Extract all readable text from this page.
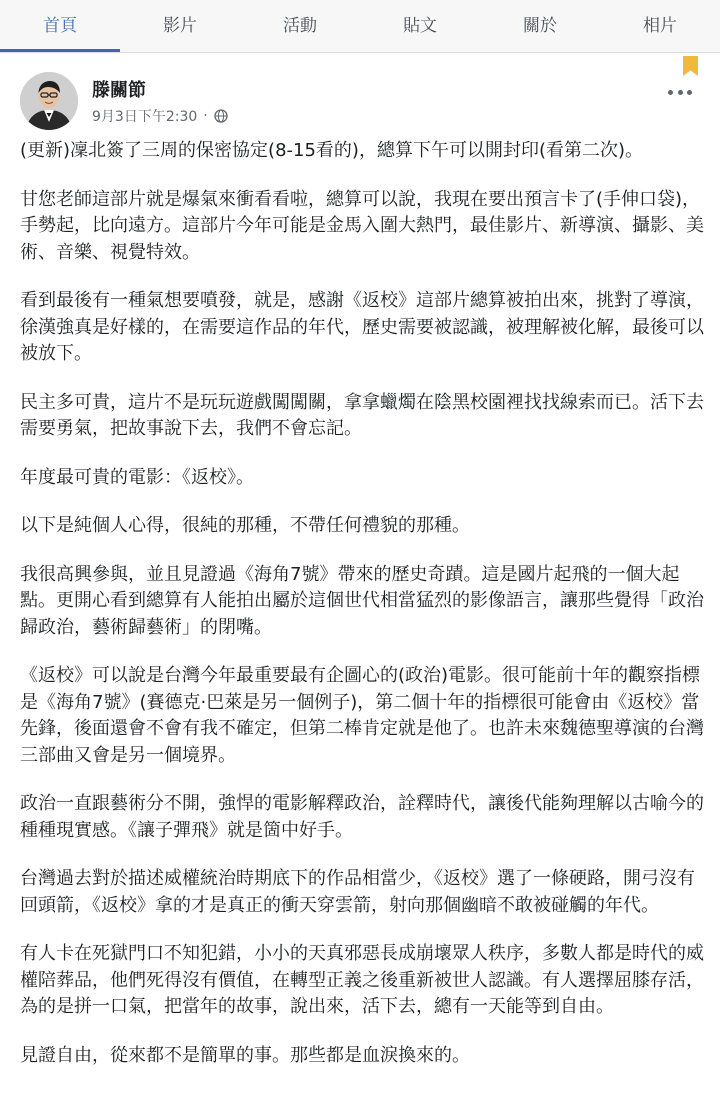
首頁	影片	活動	貼文	關於	相片
滕關節
9月3日下午2:30 ·

(更新)凜北簽了三周的保密協定(8-15看的)，總算下午可以開封印(看第二次)。

甘您老師這部片就是爆氣來衝看看啦，總算可以說，我現在要出預言卡了(手伸口袋)，手勢起，比向遠方。這部片今年可能是金馬入圍大熱門，最佳影片、新導演、攝影、美術、音樂、視覺特效。

看到最後有一種氣想要噴發，就是，感謝《返校》這部片總算被拍出來，挑對了導演，徐漢強真是好樣的，在需要這作品的年代，歷史需要被認識，被理解被化解，最後可以被放下。

民主多可貴，這片不是玩玩遊戲闖闖關，拿拿蠟燭在陰黑校園裡找找線索而已。活下去需要勇氣，把故事說下去，我們不會忘記。

年度最可貴的電影：《返校》。

以下是純個人心得，很純的那種，不帶任何禮貌的那種。

我很高興參與，並且見證過《海角7號》帶來的歷史奇蹟。這是國片起飛的一個大起點。更開心看到總算有人能拍出屬於這個世代相當猛烈的影像語言，讓那些覺得「政治歸政治，藝術歸藝術」的閉嘴。

《返校》可以說是台灣今年最重要最有企圖心的(政治)電影。很可能前十年的觀察指標是《海角7號》(賽德克·巴萊是另一個例子)，第二個十年的指標很可能會由《返校》當先鋒，後面還會不會有我不確定，但第二棒肯定就是他了。也許未來魏德聖導演的台灣三部曲又會是另一個境界。

政治一直跟藝術分不開，強悍的電影解釋政治，詮釋時代，讓後代能夠理解以古喻今的種種現實感。《讓子彈飛》就是箇中好手。

台灣過去對於描述威權統治時期底下的作品相當少，《返校》選了一條硬路，開弓沒有回頭箭，《返校》拿的才是真正的衝天穿雲箭，射向那個幽暗不敢被碰觸的年代。

有人卡在死獄門口不知犯錯，小小的天真邪惡長成崩壞眾人秩序，多數人都是時代的威權陪葬品，他們死得沒有價值，在轉型正義之後重新被世人認識。有人選擇屈膝存活，為的是拼一口氣，把當年的故事，說出來，活下去，總有一天能等到自由。

見證自由，從來都不是簡單的事。那些都是血淚換來的。
